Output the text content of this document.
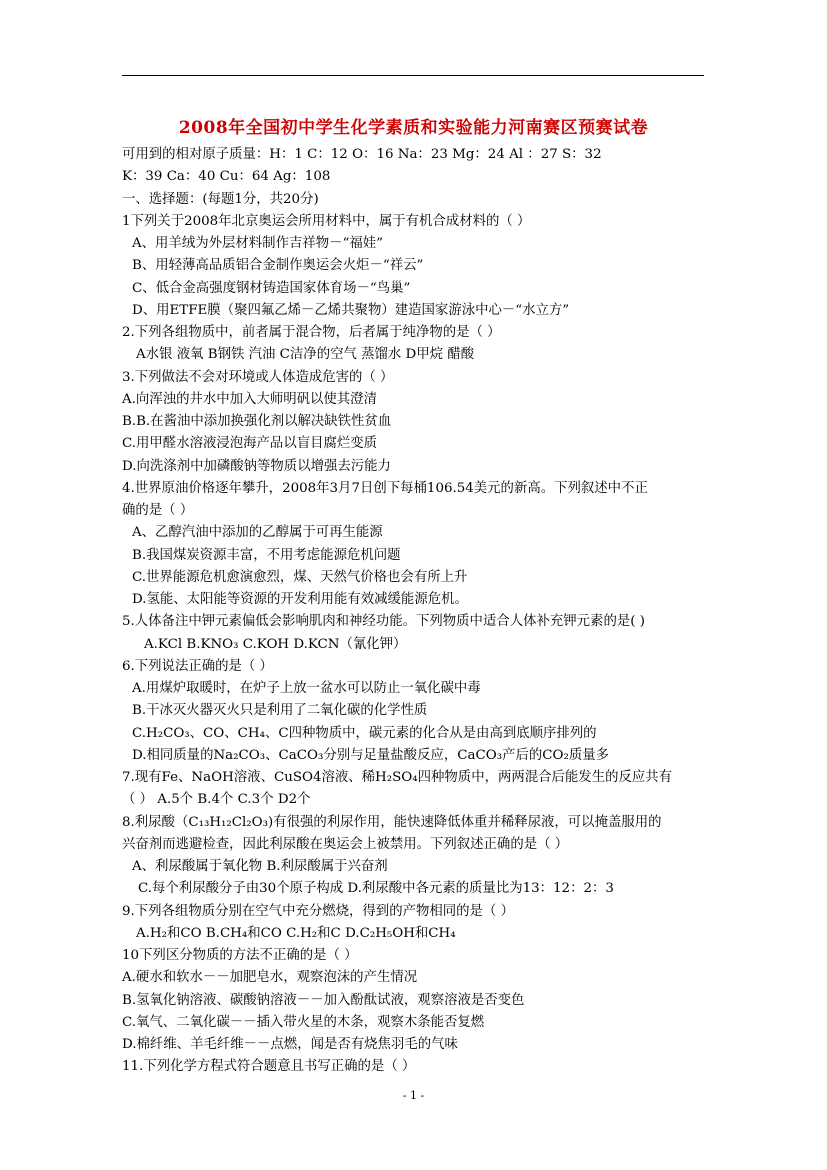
2008年全国初中学生化学素质和实验能力河南赛区预赛试卷
可用到的相对原子质量：H：1 C：12 O：16 Na：23 Mg：24 Al ：27 S：32
K：39 Ca：40 Cu：64 Ag：108
一、选择题：(每题1分，共20分)
1下列关于2008年北京奥运会所用材料中，属于有机合成材料的（ ）
A、用羊绒为外层材料制作吉祥物－“福娃”
B、用轻薄高品质铝合金制作奥运会火炬－“祥云”
C、低合金高强度钢材铸造国家体育场－“鸟巢”
D、用ETFE膜（聚四氟乙烯－乙烯共聚物）建造国家游泳中心－“水立方”
2.下列各组物质中，前者属于混合物，后者属于纯净物的是（ ）
A水银 液氧 B钢铁 汽油 C洁净的空气 蒸馏水 D甲烷 醋酸
3.下列做法不会对环境或人体造成危害的（ ）
A.向浑浊的井水中加入大师明矾以使其澄清
B.B.在酱油中添加换强化剂以解决缺铁性贫血
C.用甲醛水溶液浸泡海产品以盲目腐烂变质
D.向洗涤剂中加磷酸钠等物质以增强去污能力
4.世界原油价格逐年攀升，2008年3月7日创下每桶106.54美元的新高。下列叙述中不正
确的是（ ）
A、乙醇汽油中添加的乙醇属于可再生能源
B.我国煤炭资源丰富，不用考虑能源危机问题
C.世界能源危机愈演愈烈，煤、天然气价格也会有所上升
D.氢能、太阳能等资源的开发利用能有效减缓能源危机。
5.人体备注中钾元素偏低会影响肌肉和神经功能。下列物质中适合人体补充钾元素的是( )
A.KCl B.KNO₃ C.KOH D.KCN（氰化钾）
6.下列说法正确的是（ ）
A.用煤炉取暖时，在炉子上放一盆水可以防止一氧化碳中毒
B.干冰灭火器灭火只是利用了二氧化碳的化学性质
C.H₂CO₃、CO、CH₄、C四种物质中，碳元素的化合从是由高到底顺序排列的
D.相同质量的Na₂CO₃、CaCO₃分别与足量盐酸反应，CaCO₃产后的CO₂质量多
7.现有Fe、NaOH溶液、CuSO4溶液、稀H₂SO₄四种物质中，两两混合后能发生的反应共有
（ ） A.5个 B.4个 C.3个 D2个
8.利尿酸（C₁₃H₁₂Cl₂O₃)有很强的利尿作用，能快速降低体重并稀释尿液，可以掩盖服用的
兴奋剂而逃避检查，因此利尿酸在奥运会上被禁用。下列叙述正确的是（ ）
A、利尿酸属于氧化物 B.利尿酸属于兴奋剂
C.每个利尿酸分子由30个原子构成 D.利尿酸中各元素的质量比为13：12：2：3
9.下列各组物质分别在空气中充分燃烧，得到的产物相同的是（ ）
A.H₂和CO B.CH₄和CO C.H₂和C D.C₂H₅OH和CH₄
10下列区分物质的方法不正确的是（ ）
A.硬水和软水－－加肥皂水，观察泡沫的产生情况
B.氢氧化钠溶液、碳酸钠溶液－－加入酚酞试液，观察溶液是否变色
C.氧气、二氧化碳－－插入带火星的木条，观察木条能否复燃
D.棉纤维、羊毛纤维－－点燃，闻是否有烧焦羽毛的气味
11.下列化学方程式符合题意且书写正确的是（ ）
- 1 -
